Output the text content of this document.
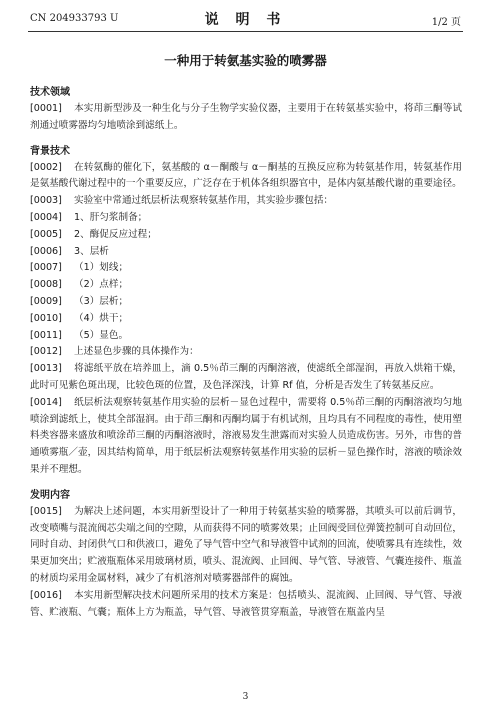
CN 204933793 U	说 明 书	1/2 页
一种用于转氨基实验的喷雾器

技术领域

[0001] 本实用新型涉及一种生化与分子生物学实验仪器，主要用于在转氨基实验中，将茚三酮等试剂通过喷雾器均匀地喷涂到滤纸上。

背景技术

[0002] 在转氨酶的催化下，氨基酸的 α－酮酸与 α－酮基的互换反应称为转氨基作用，转氨基作用是氨基酸代谢过程中的一个重要反应，广泛存在于机体各组织器官中，是体内氨基酸代谢的重要途径。

[0003] 实验室中常通过纸层析法观察转氨基作用，其实验步骤包括：

[0004] 1、肝匀浆制备；

[0005] 2、酶促反应过程；

[0006] 3、层析

[0007] （1）划线；

[0008] （2）点样；

[0009] （3）层析；

[0010] （4）烘干；

[0011] （5）显色。

[0012] 上述显色步骤的具体操作为：

[0013] 将滤纸平放在培养皿上，滴 0.5％茚三酮的丙酮溶液，使滤纸全部湿润，再放入烘箱干燥，此时可见紫色斑出现，比较色斑的位置，及色泽深浅，计算 Rf 值，分析是否发生了转氨基反应。

[0014] 纸层析法观察转氨基作用实验的层析－显色过程中，需要将 0.5％茚三酮的丙酮溶液均匀地喷涂到滤纸上，使其全部湿润。由于茚三酮和丙酮均属于有机试剂，且均具有不同程度的毒性，使用塑料类容器来盛放和喷涂茚三酮的丙酮溶液时，溶液易发生泄露而对实验人员造成伤害。另外，市售的普通喷雾瓶／壶，因其结构简单，用于纸层析法观察转氨基作用实验的层析－显色操作时，溶液的喷涂效果并不理想。

发明内容

[0015] 为解决上述问题，本实用新型设计了一种用于转氨基实验的喷雾器，其喷头可以前后调节，改变喷嘴与混流阀芯尖端之间的空隙，从而获得不同的喷雾效果；止回阀受回位弹簧控制可自动回位，同时自动、封闭供气口和供液口，避免了导气管中空气和导液管中试剂的回流，使喷雾具有连续性，效果更加突出；贮液瓶瓶体采用玻璃材质，喷头、混流阀、止回阀、导气管、导液管、气囊连接件、瓶盖的材质均采用金属材料，减少了有机溶剂对喷雾器部件的腐蚀。

[0016] 本实用新型解决技术问题所采用的技术方案是：包括喷头、混流阀、止回阀、导气管、导液管、贮液瓶、气囊；瓶体上方为瓶盖，导气管、导液管贯穿瓶盖，导液管在瓶盖内呈

3
